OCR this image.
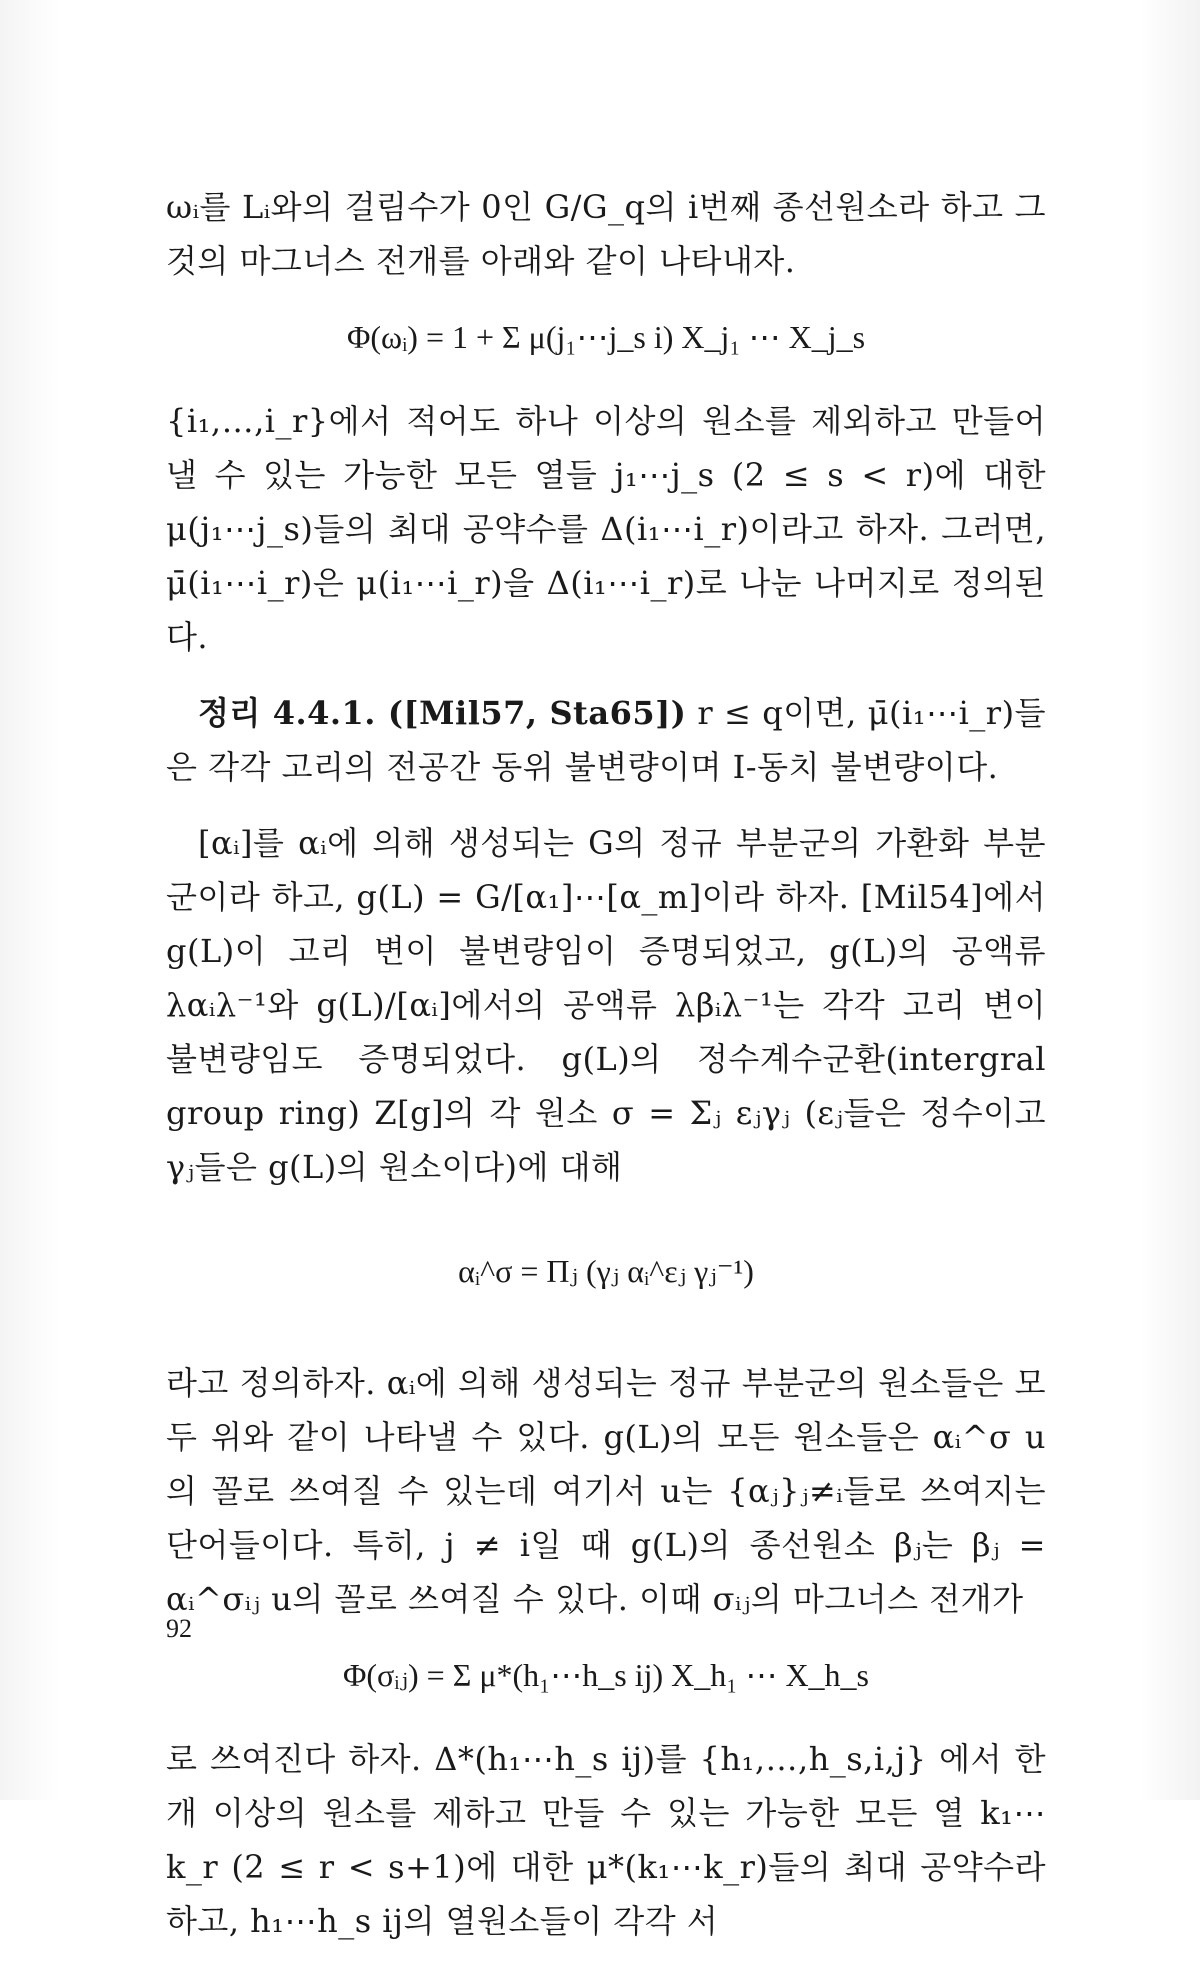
ωᵢ를 Lᵢ와의 걸림수가 0인 G/G_q의 i번째 종선원소라 하고 그것의 마그너스 전개를 아래와 같이 나타내자.

Φ(ωᵢ) = 1 + Σ μ(j₁⋯j_s i) X_j₁ ⋯ X_j_s

{i₁,…,i_r}에서 적어도 하나 이상의 원소를 제외하고 만들어낼 수 있는 가능한 모든 열들 j₁⋯j_s (2 ≤ s < r)에 대한 μ(j₁⋯j_s)들의 최대 공약수를 Δ(i₁⋯i_r)이라고 하자. 그러면, μ̄(i₁⋯i_r)은 μ(i₁⋯i_r)을 Δ(i₁⋯i_r)로 나눈 나머지로 정의된다.

정리 4.4.1. ([Mil57, Sta65]) r ≤ q이면, μ̄(i₁⋯i_r)들은 각각 고리의 전공간 동위 불변량이며 I-동치 불변량이다.

[αᵢ]를 αᵢ에 의해 생성되는 G의 정규 부분군의 가환화 부분군이라 하고, g(L) = G/[α₁]⋯[α_m]이라 하자. [Mil54]에서 g(L)이 고리 변이 불변량임이 증명되었고, g(L)의 공액류 λαᵢλ⁻¹와 g(L)/[αᵢ]에서의 공액류 λβᵢλ⁻¹는 각각 고리 변이 불변량임도 증명되었다. g(L)의 정수계수군환(intergral group ring) Z[g]의 각 원소 σ = Σⱼ εⱼγⱼ (εⱼ들은 정수이고 γⱼ들은 g(L)의 원소이다)에 대해

αᵢ^σ = Πⱼ (γⱼ αᵢ^εⱼ γⱼ⁻¹)

라고 정의하자. αᵢ에 의해 생성되는 정규 부분군의 원소들은 모두 위와 같이 나타낼 수 있다. g(L)의 모든 원소들은 αᵢ^σ u의 꼴로 쓰여질 수 있는데 여기서 u는 {αⱼ}ⱼ≠ᵢ들로 쓰여지는 단어들이다. 특히, j ≠ i일 때 g(L)의 종선원소 βⱼ는 βⱼ = αᵢ^σᵢⱼ u의 꼴로 쓰여질 수 있다. 이때 σᵢⱼ의 마그너스 전개가

Φ(σᵢⱼ) = Σ μ*(h₁⋯h_s ij) X_h₁ ⋯ X_h_s

로 쓰여진다 하자. Δ*(h₁⋯h_s ij)를 {h₁,…,h_s,i,j} 에서 한 개 이상의 원소를 제하고 만들 수 있는 가능한 모든 열 k₁⋯k_r (2 ≤ r < s+1)에 대한 μ*(k₁⋯k_r)들의 최대 공약수라 하고, h₁⋯h_s ij의 열원소들이 각각 서

92
